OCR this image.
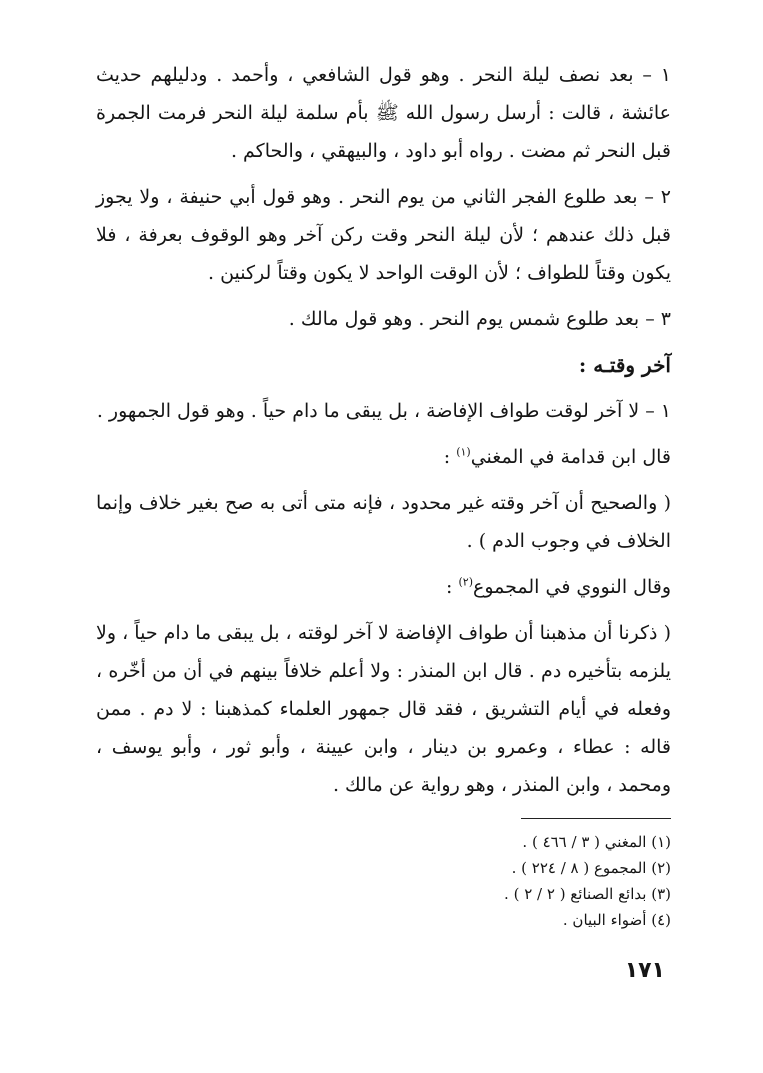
١ – بعد نصف ليلة النحر . وهو قول الشافعي ، وأحمد . ودليلهم حديث عائشة ، قالت : أرسل رسول الله ﷺ بأم سلمة ليلة النحر فرمت الجمرة قبل النحر ثم مضت . رواه أبو داود ، والبيهقي ، والحاكم .

٢ – بعد طلوع الفجر الثاني من يوم النحر . وهو قول أبي حنيفة ، ولا يجوز قبل ذلك عندهم ؛ لأن ليلة النحر وقت ركن آخر وهو الوقوف بعرفة ، فلا يكون وقتاً للطواف ؛ لأن الوقت الواحد لا يكون وقتاً لركنين .

٣ – بعد طلوع شمس يوم النحر . وهو قول مالك .

آخر وقتـه :

١ – لا آخر لوقت طواف الإفاضة ، بل يبقى ما دام حياً . وهو قول الجمهور .

قال ابن قدامة في المغني$^{(١)}$ :

( والصحيح أن آخر وقته غير محدود ، فإنه متى أتى به صح بغير خلاف وإنما الخلاف في وجوب الدم ) .

وقال النووي في المجموع$^{(٢)}$ :

( ذكرنا أن مذهبنا أن طواف الإفاضة لا آخر لوقته ، بل يبقى ما دام حياً ، ولا يلزمه بتأخيره دم . قال ابن المنذر : ولا أعلم خلافاً بينهم في أن من أخّره ، وفعله في أيام التشريق ، فقد قال جمهور العلماء كمذهبنا : لا دم . ممن قاله : عطاء ، وعمرو بن دينار ، وابن عيينة ، وأبو ثور ، وأبو يوسف ، ومحمد ، وابن المنذر ، وهو رواية عن مالك .

(١) المغني ( ٣ / ٤٦٦ ) .
(٢) المجموع ( ٨ / ٢٢٤ ) .
(٣) بدائع الصنائع ( ٢ / ٢ ) .
(٤) أضواء البيان .
١٧١
